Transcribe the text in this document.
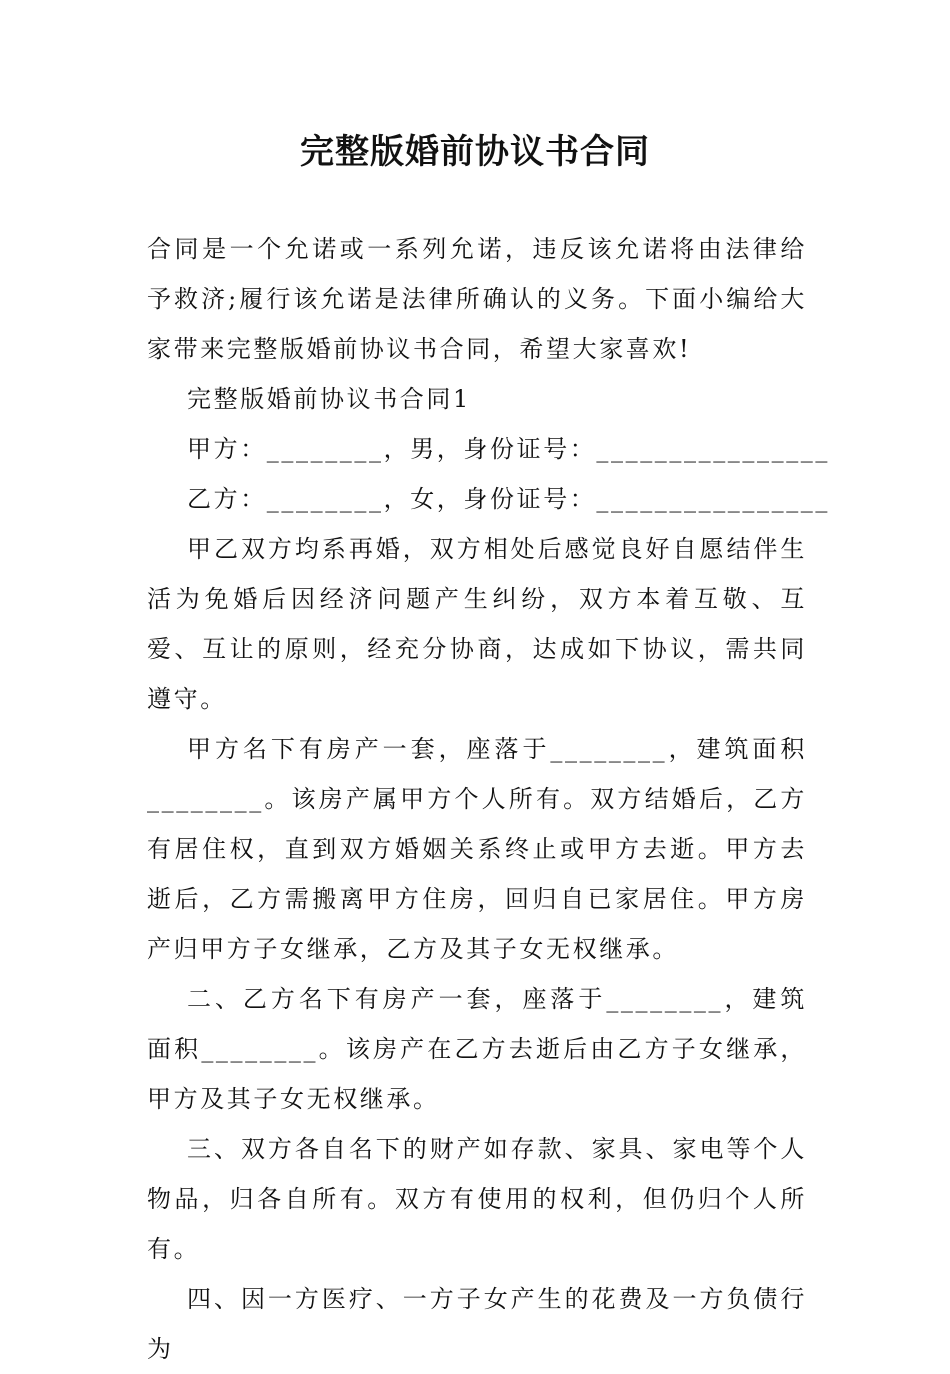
完整版婚前协议书合同

合同是一个允诺或一系列允诺，违反该允诺将由法律给予救济;履行该允诺是法律所确认的义务。下面小编给大家带来完整版婚前协议书合同，希望大家喜欢!

完整版婚前协议书合同1

甲方：________，男，身份证号：________________

乙方：________，女，身份证号：________________

甲乙双方均系再婚，双方相处后感觉良好自愿结伴生活为免婚后因经济问题产生纠纷，双方本着互敬、互爱、互让的原则，经充分协商，达成如下协议，需共同遵守。

甲方名下有房产一套，座落于________，建筑面积________。该房产属甲方个人所有。双方结婚后，乙方有居住权，直到双方婚姻关系终止或甲方去逝。甲方去逝后，乙方需搬离甲方住房，回归自已家居住。甲方房产归甲方子女继承，乙方及其子女无权继承。

二、乙方名下有房产一套，座落于________，建筑面积________。该房产在乙方去逝后由乙方子女继承，甲方及其子女无权继承。

三、双方各自名下的财产如存款、家具、家电等个人物品，归各自所有。双方有使用的权利，但仍归个人所有。

四、因一方医疗、一方子女产生的花费及一方负债行为
